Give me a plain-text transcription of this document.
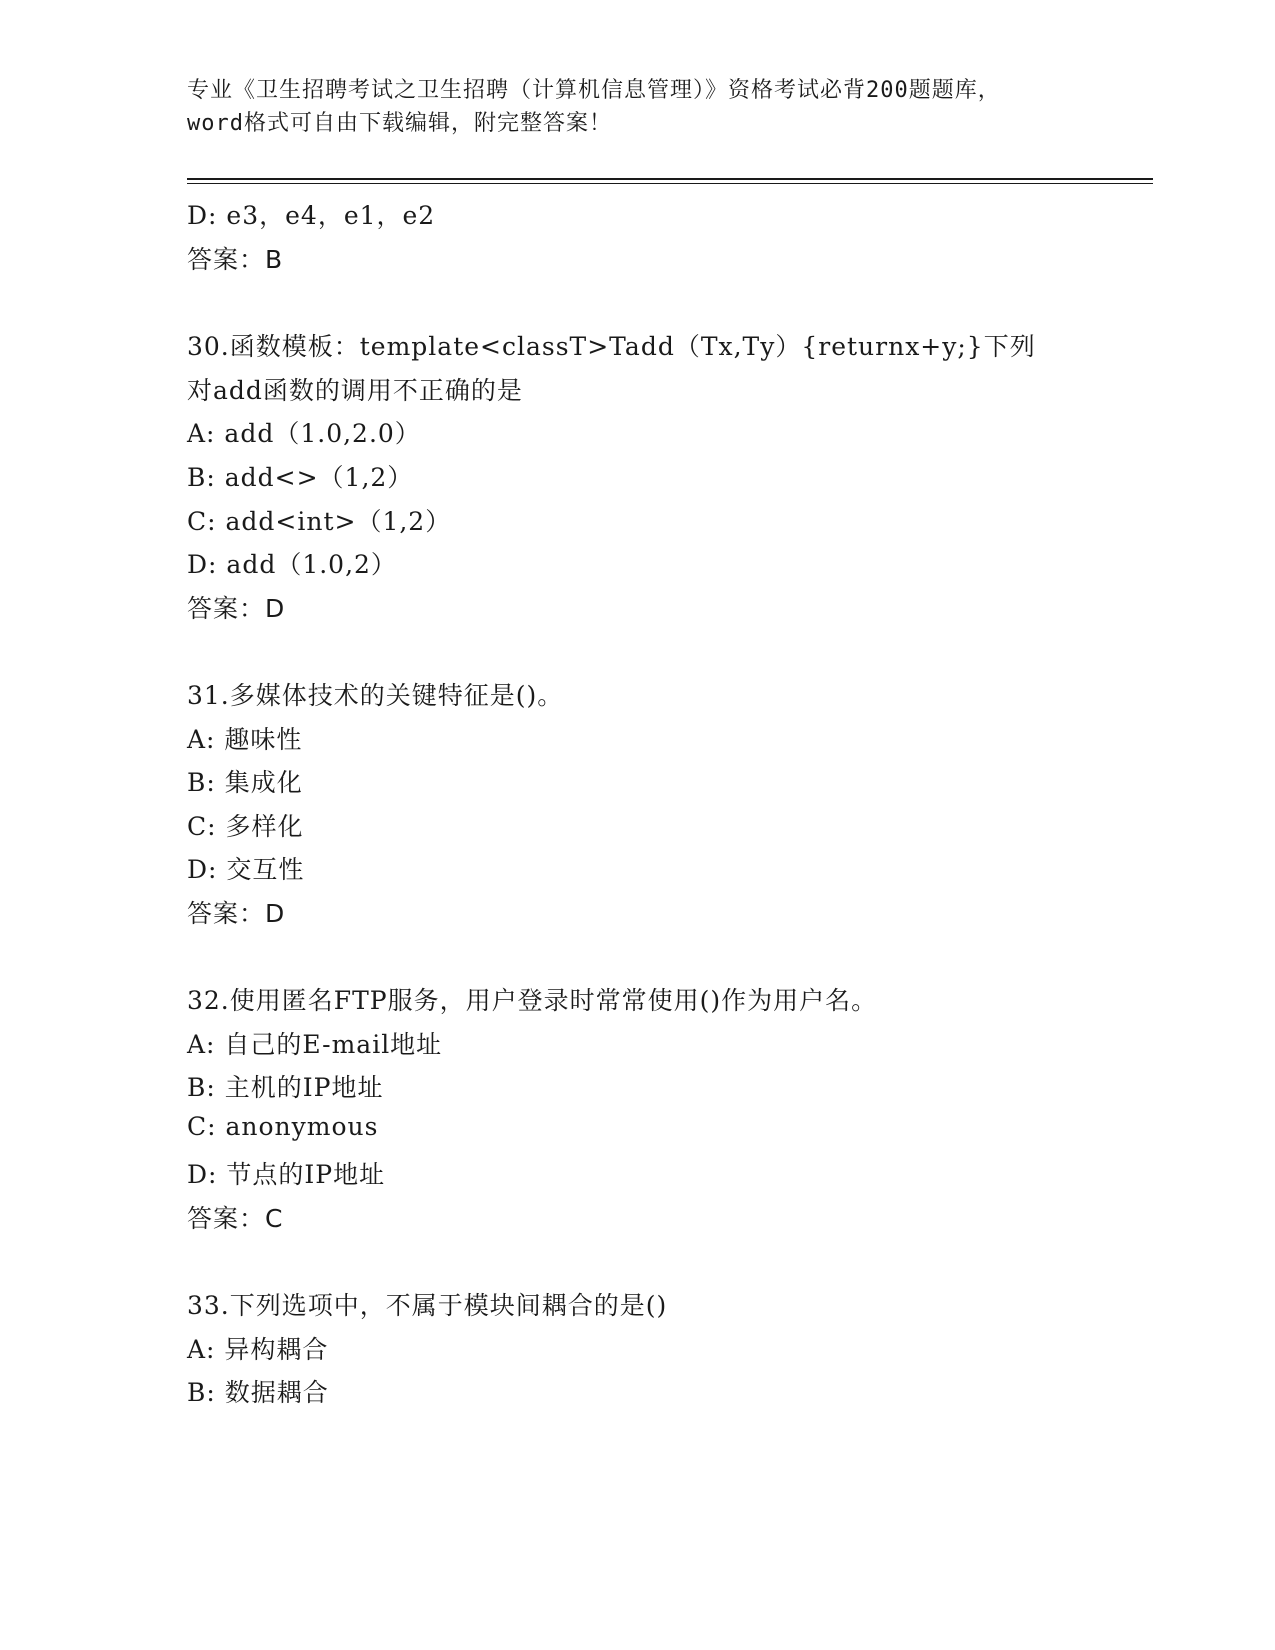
专业《卫生招聘考试之卫生招聘（计算机信息管理）》资格考试必背200题题库，
word格式可自由下载编辑，附完整答案！
D: e3，e4，e1，e2
答案：B
30.函数模板：template<classT>Tadd（Tx,Ty）{returnx+y;}下列
对add函数的调用不正确的是
A: add（1.0,2.0）
B: add<>（1,2）
C: add<int>（1,2）
D: add（1.0,2）
答案：D
31.多媒体技术的关键特征是()。
A: 趣味性
B: 集成化
C: 多样化
D: 交互性
答案：D
32.使用匿名FTP服务，用户登录时常常使用()作为用户名。
A: 自己的E-mail地址
B: 主机的IP地址
C: anonymous
D: 节点的IP地址
答案：C
33.下列选项中，不属于模块间耦合的是()
A: 异构耦合
B: 数据耦合
